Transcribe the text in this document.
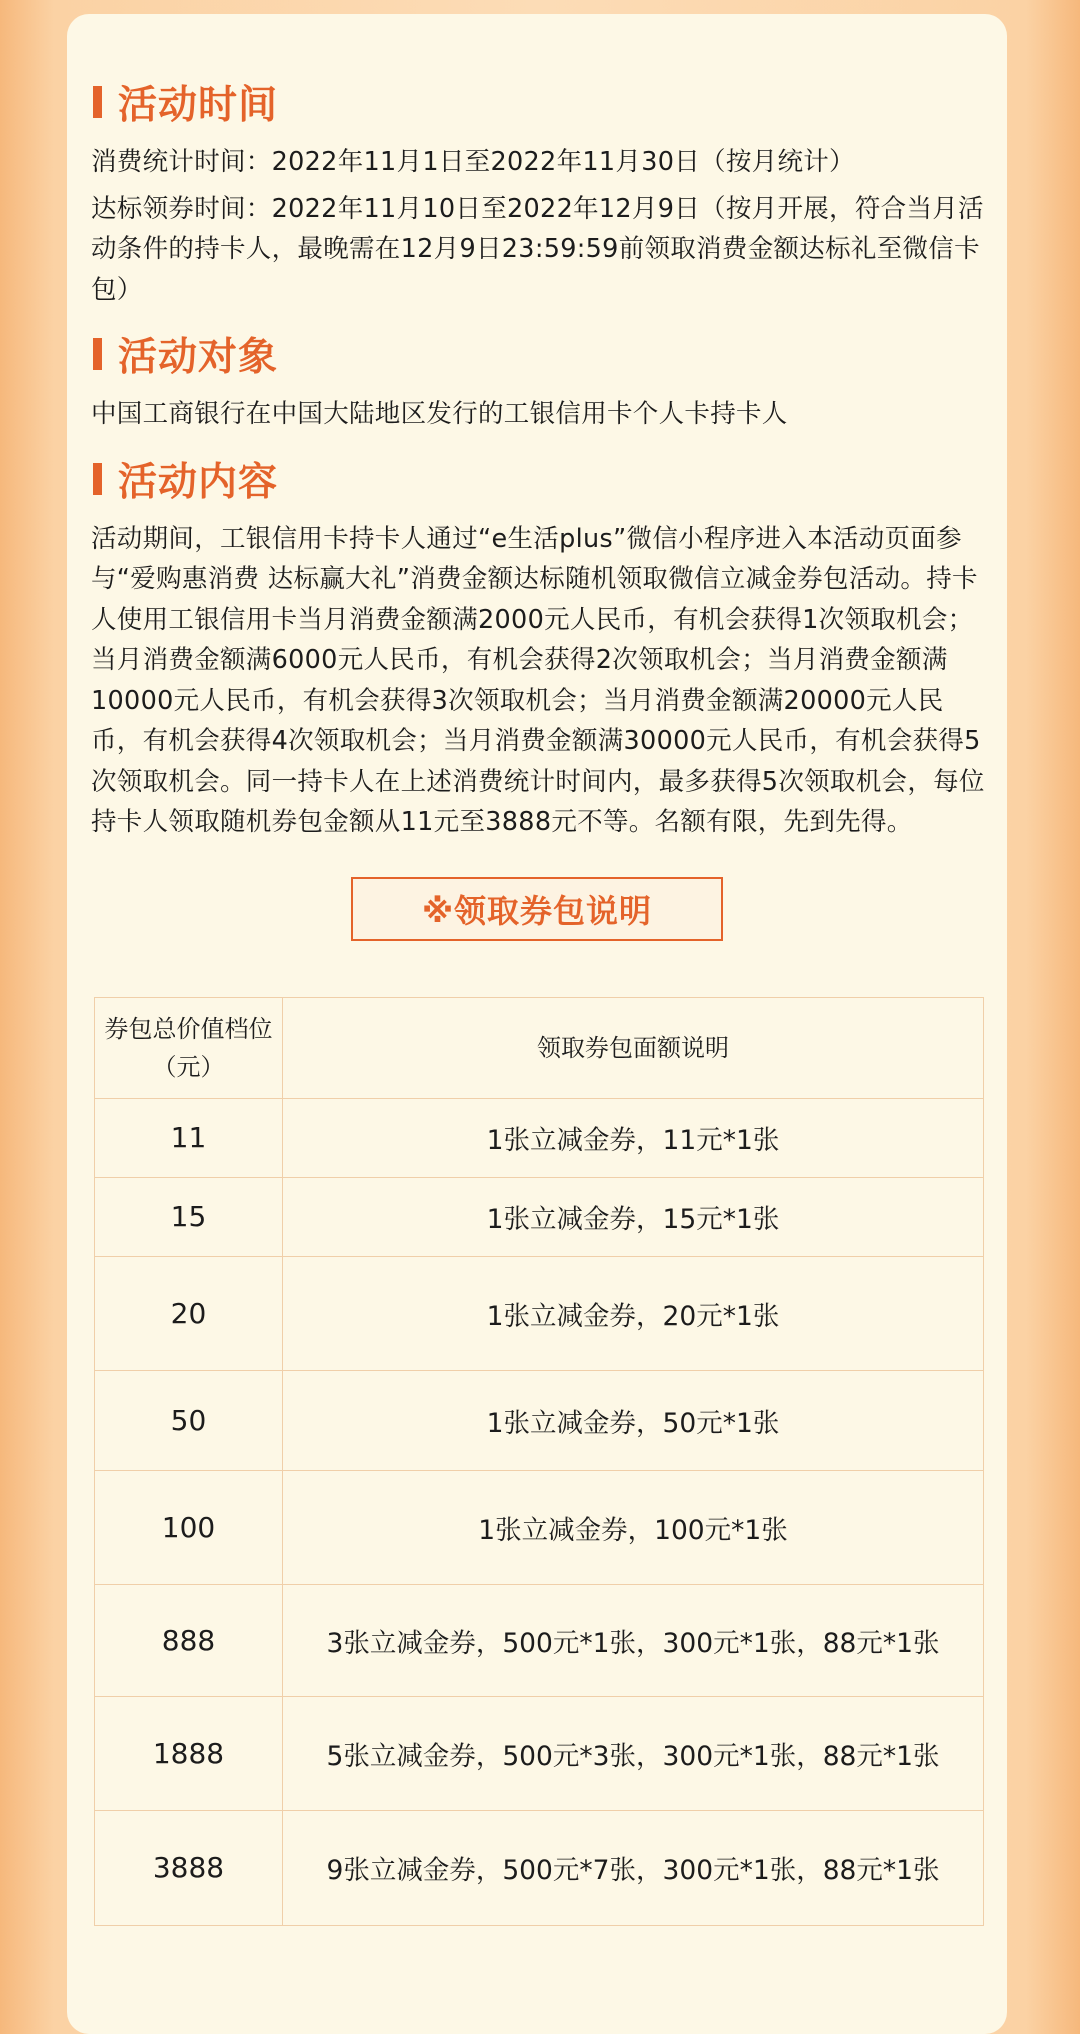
活动时间

消费统计时间：2022年11月1日至2022年11月30日（按月统计）

达标领券时间：2022年11月10日至2022年12月9日（按月开展，符合当月活动条件的持卡人，最晚需在12月9日23:59:59前领取消费金额达标礼至微信卡包）

活动对象

中国工商银行在中国大陆地区发行的工银信用卡个人卡持卡人

活动内容

活动期间，工银信用卡持卡人通过“e生活plus”微信小程序进入本活动页面参与“爱购惠消费 达标赢大礼”消费金额达标随机领取微信立减金券包活动。持卡人使用工银信用卡当月消费金额满2000元人民币，有机会获得1次领取机会；当月消费金额满6000元人民币，有机会获得2次领取机会；当月消费金额满10000元人民币，有机会获得3次领取机会；当月消费金额满20000元人民币，有机会获得4次领取机会；当月消费金额满30000元人民币，有机会获得5次领取机会。同一持卡人在上述消费统计时间内，最多获得5次领取机会，每位持卡人领取随机券包金额从11元至3888元不等。名额有限，先到先得。

※领取券包说明
券包总价值档位（元）	领取券包面额说明
11	1张立减金券，11元*1张
15	1张立减金券，15元*1张
20	1张立减金券，20元*1张
50	1张立减金券，50元*1张
100	1张立减金券，100元*1张
888	3张立减金券，500元*1张，300元*1张，88元*1张
1888	5张立减金券，500元*3张，300元*1张，88元*1张
3888	9张立减金券，500元*7张，300元*1张，88元*1张
